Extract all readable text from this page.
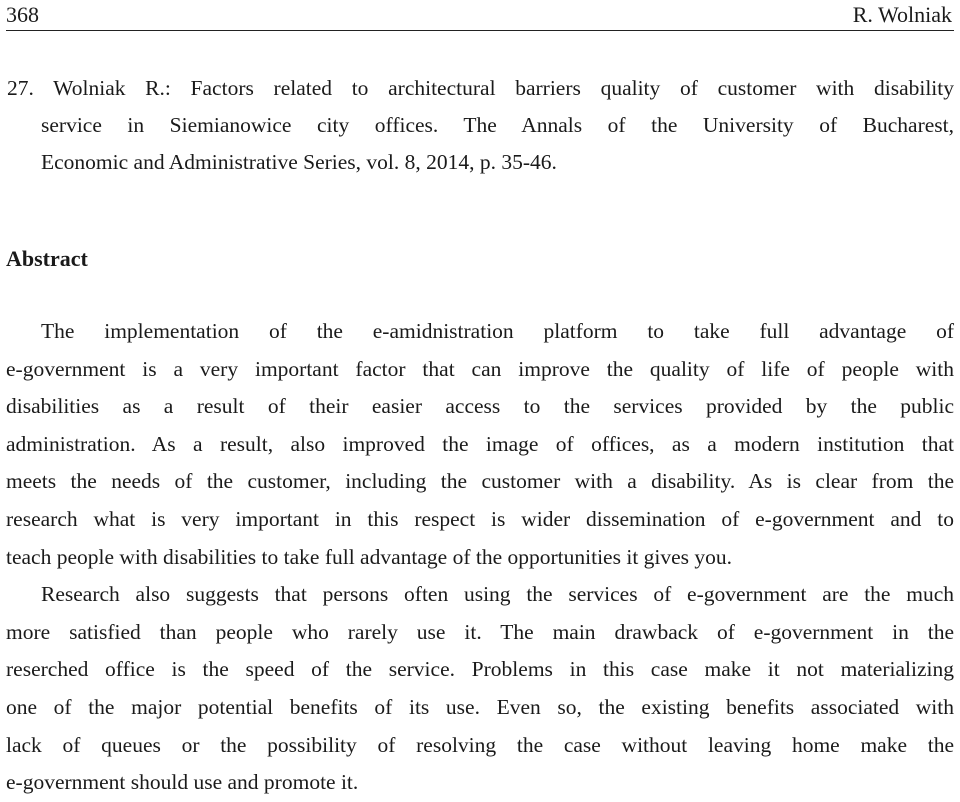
368	R. Wolniak
27. Wolniak R.: Factors related to architectural barriers quality of customer with disability
service in Siemianowice city offices. The Annals of the University of Bucharest,
Economic and Administrative Series, vol. 8, 2014, p. 35-46.
Abstract
The implementation of the e-amidnistration platform to take full advantage of
e-government is a very important factor that can improve the quality of life of people with
disabilities as a result of their easier access to the services provided by the public
administration. As a result, also improved the image of offices, as a modern institution that
meets the needs of the customer, including the customer with a disability. As is clear from the
research what is very important in this respect is wider dissemination of e-government and to
teach people with disabilities to take full advantage of the opportunities it gives you.
Research also suggests that persons often using the services of e-government are the much
more satisfied than people who rarely use it. The main drawback of e-government in the
reserched office is the speed of the service. Problems in this case make it not materializing
one of the major potential benefits of its use. Even so, the existing benefits associated with
lack of queues or the possibility of resolving the case without leaving home make the
e-government should use and promote it.
